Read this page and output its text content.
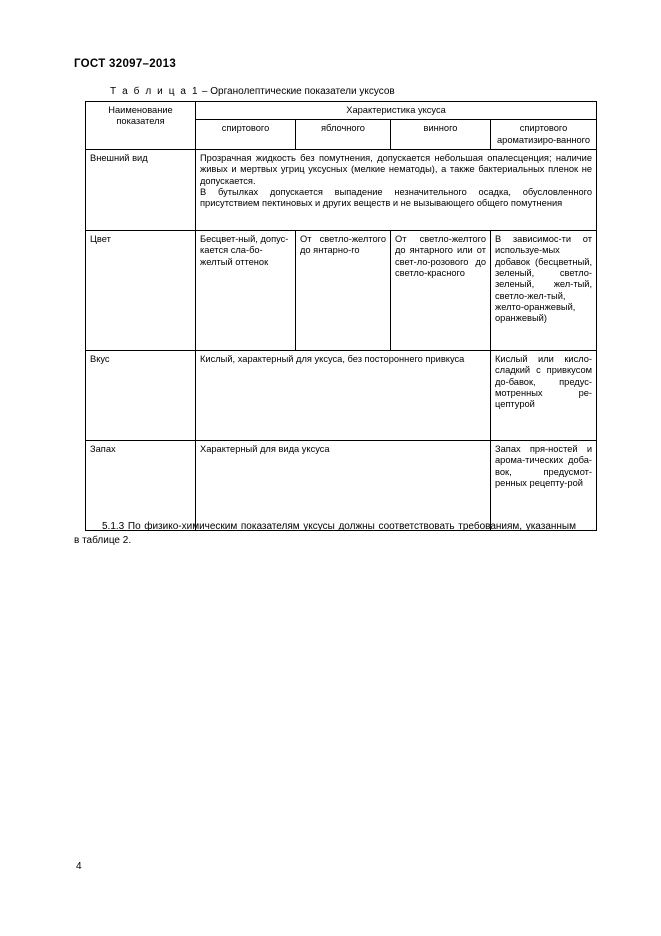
ГОСТ 32097–2013
Т а б л и ц а 1 – Органолептические показатели уксусов
Наименование показателя	Характеристика уксуса			
	спиртового	яблочного	винного	спиртового ароматизиро-ванного
Внешний вид	Прозрачная жидкость без помутнения, допускается небольшая опалесценция; наличие живых и мертвых угриц уксусных (мелкие нематоды), а также бактериальных пленок не допускается.

В бутылках допускается выпадение незначительного осадка, обусловленного присутствием пектиновых и других веществ и не вызывающего общего помутнения			

Цвет	Бесцвет-ный, допус-кается сла-бо-желтый оттенок	От светло-желтого до янтарно-го	От светло-желтого до янтарного или от свет-ло-розового до светло-красного	В зависимос-ти от используе-мых добавок (бесцветный, зеленый, светло-зеленый, жел-тый, светло-жел-тый, желто-оранжевый, оранжевый)
Вкус	Кислый, характерный для уксуса, без постороннего привкуса			Кислый или кисло-сладкий с привкусом до-бавок, предус-мотренных ре-цептурой
Запах	Характерный для вида уксуса			Запах пря-ностей и арома-тических доба-вок, предусмот-ренных рецепту-рой
5.1.3 По физико-химическим показателям уксусы должны соответствовать требованиям, указанным в таблице 2.
4
